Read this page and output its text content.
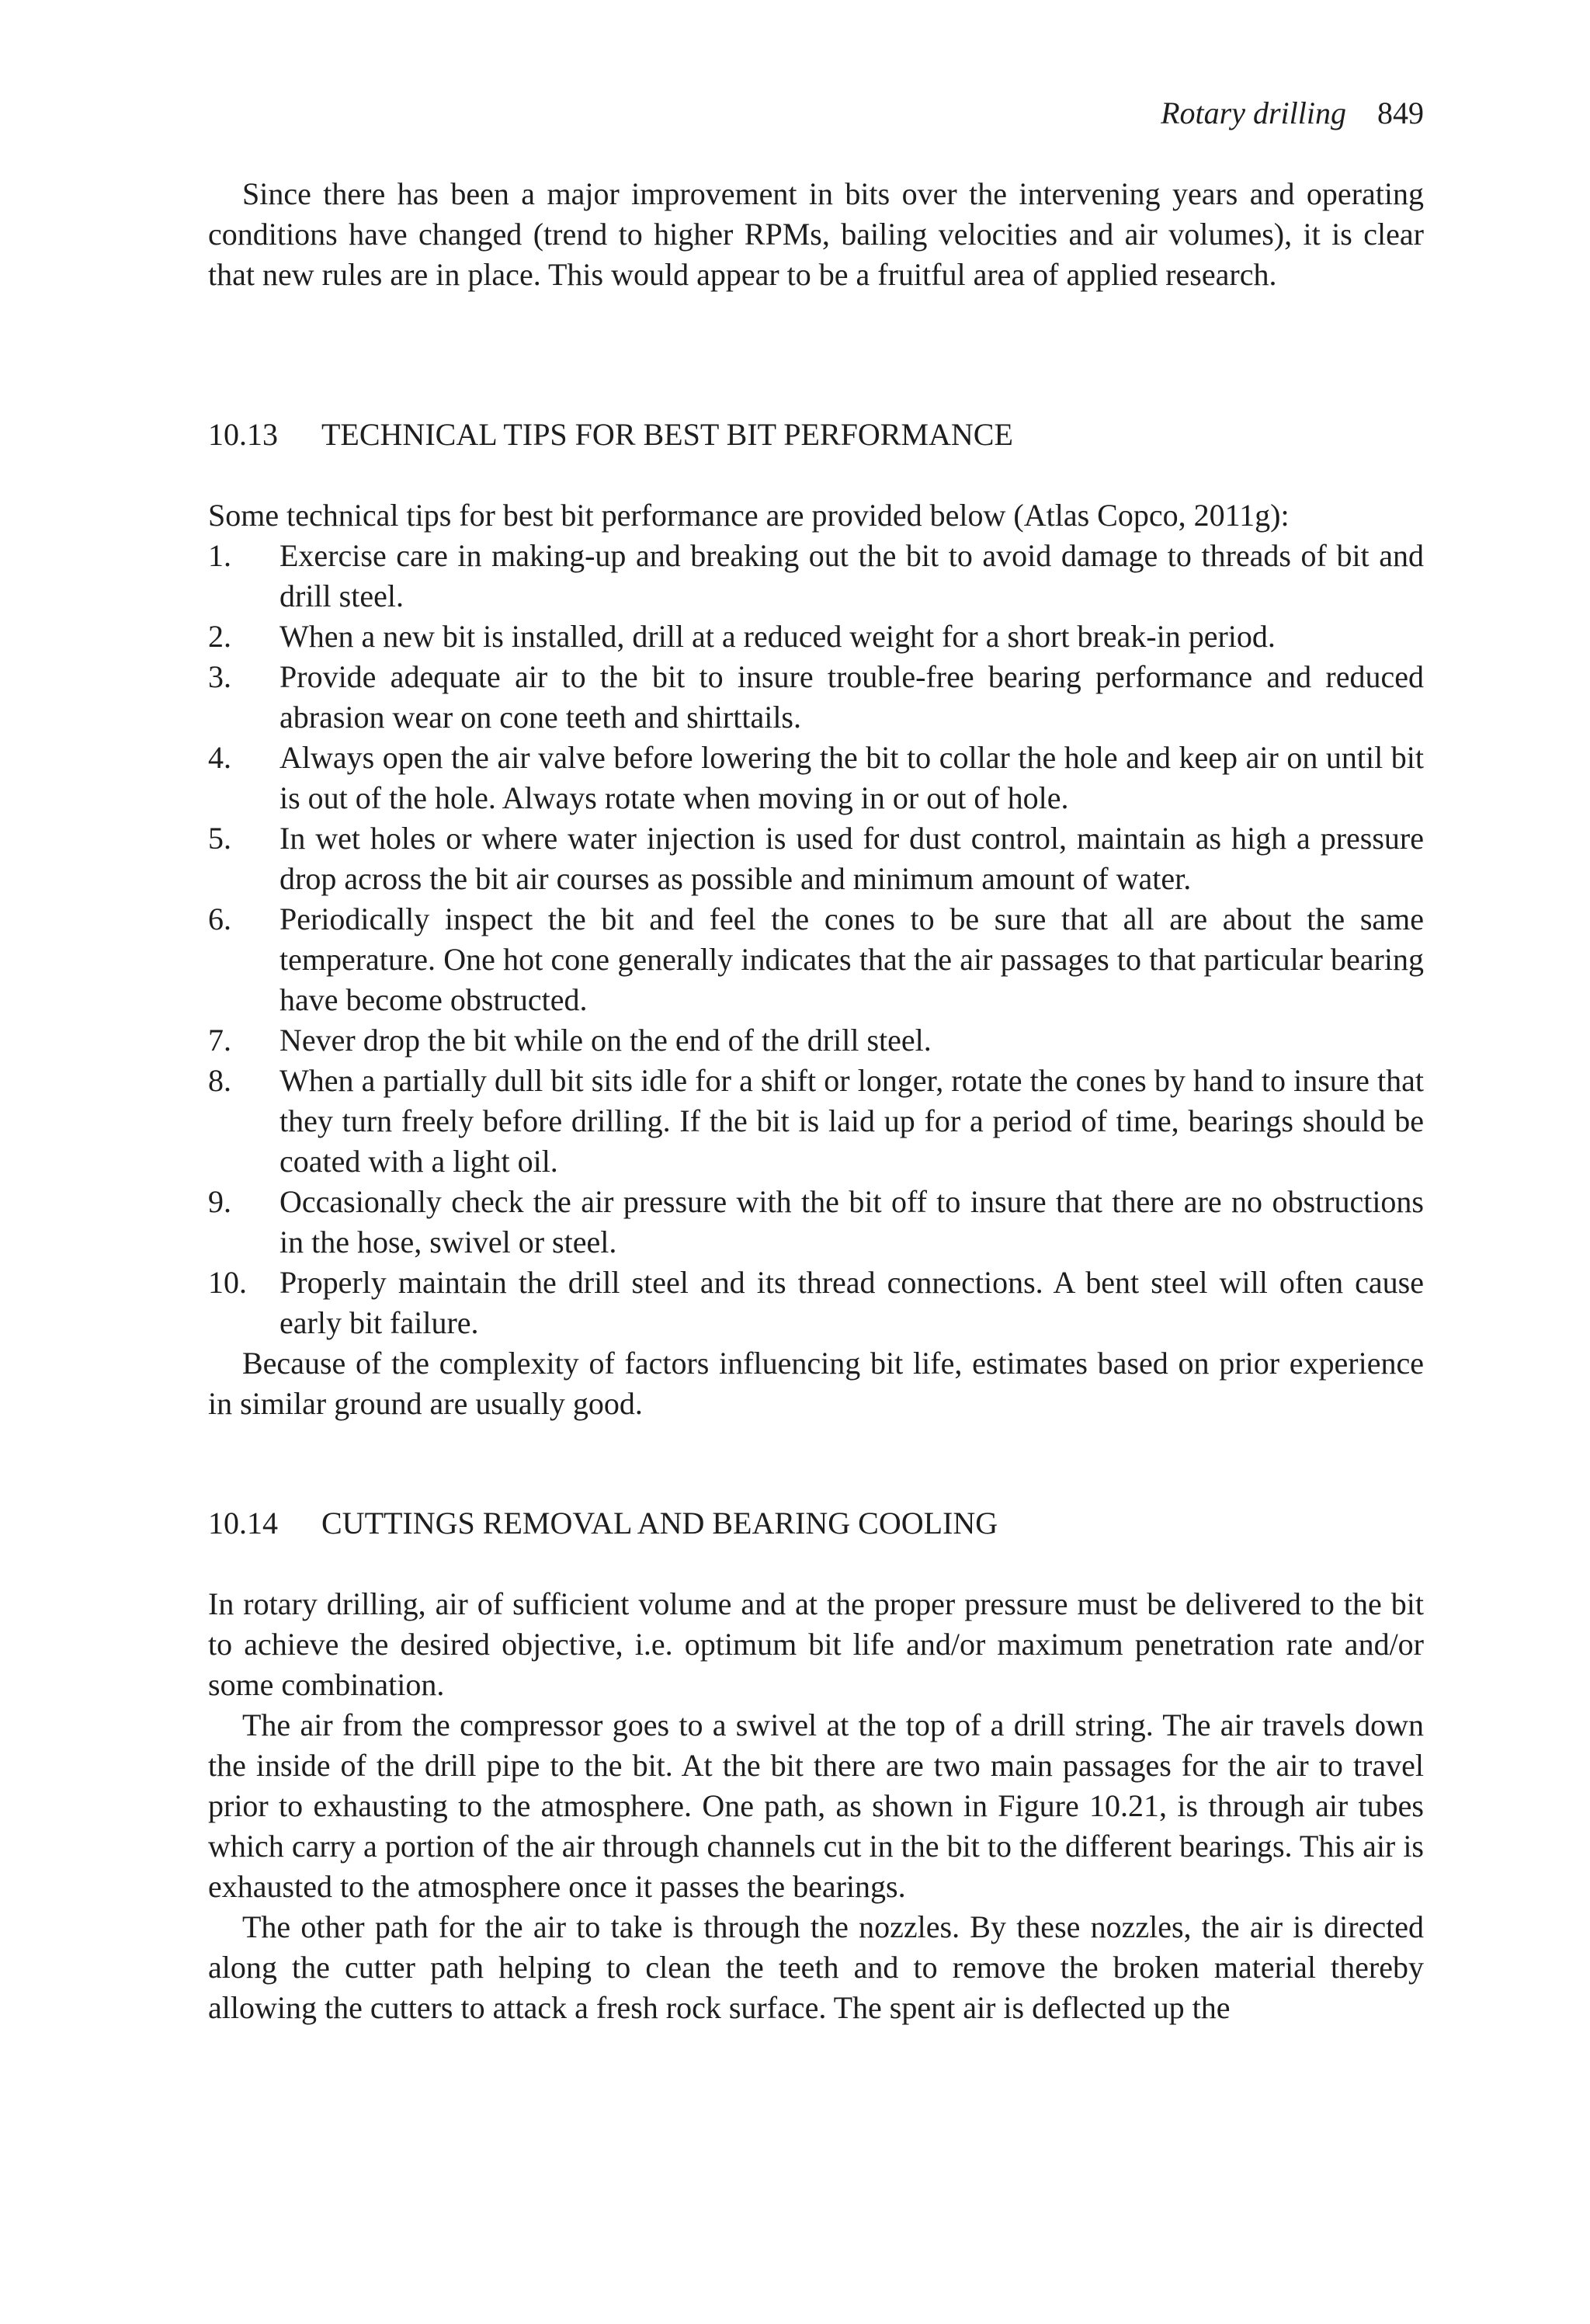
Rotary drilling 849

Since there has been a major improvement in bits over the intervening years and operating conditions have changed (trend to higher RPMs, bailing velocities and air volumes), it is clear that new rules are in place. This would appear to be a fruitful area of applied research.

10.13 TECHNICAL TIPS FOR BEST BIT PERFORMANCE

Some technical tips for best bit performance are provided below (Atlas Copco, 2011g):

1.	Exercise care in making-up and breaking out the bit to avoid damage to threads of bit and drill steel.
2.	When a new bit is installed, drill at a reduced weight for a short break-in period.
3.	Provide adequate air to the bit to insure trouble-free bearing performance and reduced abrasion wear on cone teeth and shirttails.
4.	Always open the air valve before lowering the bit to collar the hole and keep air on until bit is out of the hole. Always rotate when moving in or out of hole.
5.	In wet holes or where water injection is used for dust control, maintain as high a pressure drop across the bit air courses as possible and minimum amount of water.
6.	Periodically inspect the bit and feel the cones to be sure that all are about the same temperature. One hot cone generally indicates that the air passages to that particular bearing have become obstructed.
7.	Never drop the bit while on the end of the drill steel.
8.	When a partially dull bit sits idle for a shift or longer, rotate the cones by hand to insure that they turn freely before drilling. If the bit is laid up for a period of time, bearings should be coated with a light oil.
9.	Occasionally check the air pressure with the bit off to insure that there are no obstructions in the hose, swivel or steel.
10.	Properly maintain the drill steel and its thread connections. A bent steel will often cause early bit failure.

Because of the complexity of factors influencing bit life, estimates based on prior experience in similar ground are usually good.

10.14 CUTTINGS REMOVAL AND BEARING COOLING

In rotary drilling, air of sufficient volume and at the proper pressure must be delivered to the bit to achieve the desired objective, i.e. optimum bit life and/or maximum penetration rate and/or some combination.

The air from the compressor goes to a swivel at the top of a drill string. The air travels down the inside of the drill pipe to the bit. At the bit there are two main passages for the air to travel prior to exhausting to the atmosphere. One path, as shown in Figure 10.21, is through air tubes which carry a portion of the air through channels cut in the bit to the different bearings. This air is exhausted to the atmosphere once it passes the bearings.

The other path for the air to take is through the nozzles. By these nozzles, the air is directed along the cutter path helping to clean the teeth and to remove the broken material thereby allowing the cutters to attack a fresh rock surface. The spent air is deflected up the
